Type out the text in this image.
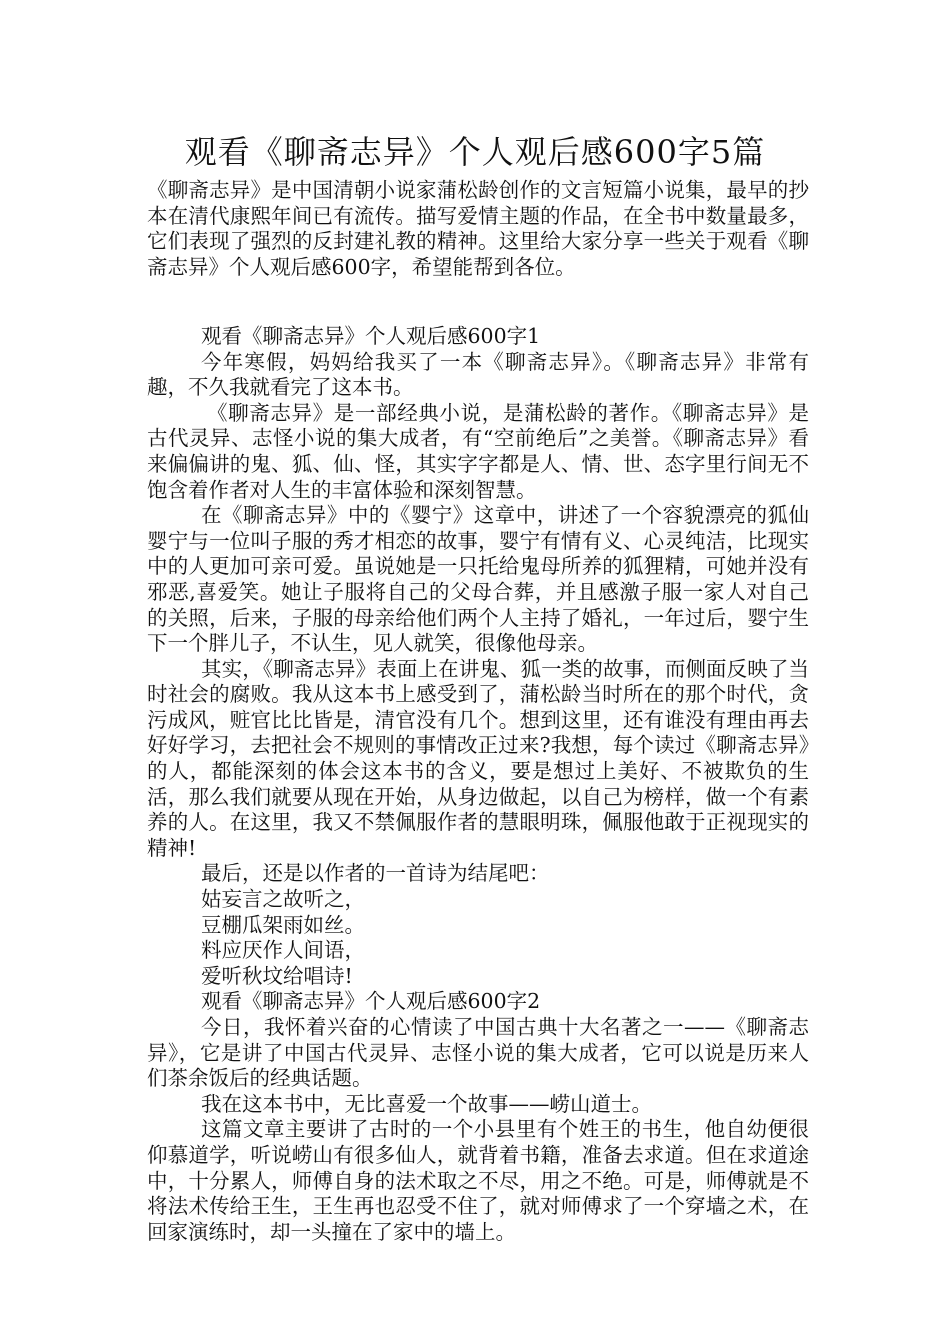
观看《聊斋志异》个人观后感600字5篇

《聊斋志异》是中国清朝小说家蒲松龄创作的文言短篇小说集，最早的抄本在清代康熙年间已有流传。描写爱情主题的作品，在全书中数量最多，它们表现了强烈的反封建礼教的精神。这里给大家分享一些关于观看《聊斋志异》个人观后感600字，希望能帮到各位。

观看《聊斋志异》个人观后感600字1

今年寒假，妈妈给我买了一本《聊斋志异》。《聊斋志异》非常有趣，不久我就看完了这本书。

《聊斋志异》是一部经典小说，是蒲松龄的著作。《聊斋志异》是古代灵异、志怪小说的集大成者，有“空前绝后”之美誉。《聊斋志异》看来偏偏讲的鬼、狐、仙、怪，其实字字都是人、情、世、态字里行间无不饱含着作者对人生的丰富体验和深刻智慧。

在《聊斋志异》中的《婴宁》这章中，讲述了一个容貌漂亮的狐仙婴宁与一位叫子服的秀才相恋的故事，婴宁有情有义、心灵纯洁，比现实中的人更加可亲可爱。虽说她是一只托给鬼母所养的狐狸精，可她并没有邪恶,喜爱笑。她让子服将自己的父母合葬，并且感激子服一家人对自己的关照，后来，子服的母亲给他们两个人主持了婚礼，一年过后，婴宁生下一个胖儿子，不认生，见人就笑，很像他母亲。

其实，《聊斋志异》表面上在讲鬼、狐一类的故事，而侧面反映了当时社会的腐败。我从这本书上感受到了，蒲松龄当时所在的那个时代，贪污成风，赃官比比皆是，清官没有几个。想到这里，还有谁没有理由再去好好学习，去把社会不规则的事情改正过来?我想，每个读过《聊斋志异》的人，都能深刻的体会这本书的含义，要是想过上美好、不被欺负的生活，那么我们就要从现在开始，从身边做起，以自己为榜样，做一个有素养的人。在这里，我又不禁佩服作者的慧眼明珠，佩服他敢于正视现实的精神!

最后，还是以作者的一首诗为结尾吧：

姑妄言之故听之，

豆棚瓜架雨如丝。

料应厌作人间语，

爱听秋坟给唱诗!

观看《聊斋志异》个人观后感600字2

今日，我怀着兴奋的心情读了中国古典十大名著之一——《聊斋志异》，它是讲了中国古代灵异、志怪小说的集大成者，它可以说是历来人们茶余饭后的经典话题。

我在这本书中，无比喜爱一个故事——崂山道士。

这篇文章主要讲了古时的一个小县里有个姓王的书生，他自幼便很仰慕道学，听说崂山有很多仙人，就背着书籍，准备去求道。但在求道途中，十分累人，师傅自身的法术取之不尽，用之不绝。可是，师傅就是不将法术传给王生，王生再也忍受不住了，就对师傅求了一个穿墙之术，在回家演练时，却一头撞在了家中的墙上。
